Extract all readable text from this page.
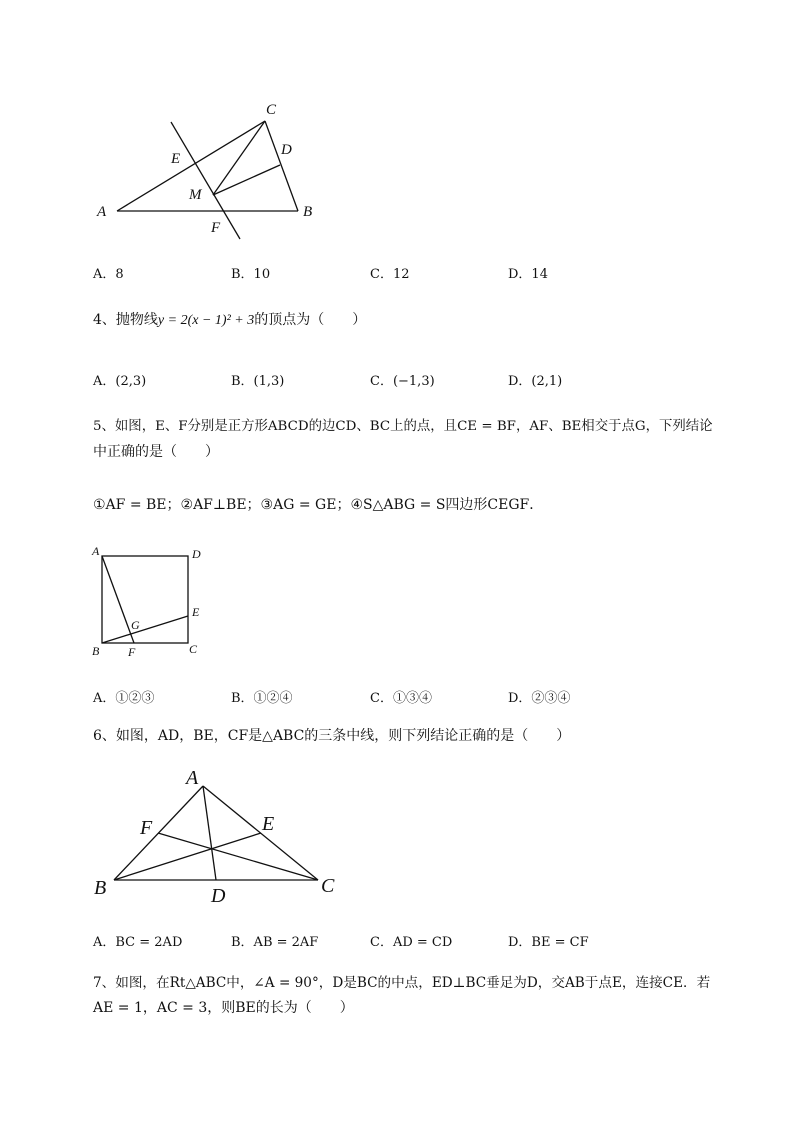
A	B
C
D
E
F
M
A．8	B．10	C．12	D．14
4、抛物线y = 2(x − 1)² + 3的顶点为（　　）
A．(2,3)	B．(1,3)	C．(−1,3)	D．(2,1)
5、如图，E、F分别是正方形ABCD的边CD、BC上的点，且CE = BF，AF、BE相交于点G，下列结论
中正确的是（　　）
①AF = BE；②AF⊥BE；③AG = GE；④S△ABG = S四边形CEGF．
A	D
B	C
E
F
G
A．①②③	B．①②④	C．①③④	D．②③④
6、如图，AD，BE，CF是△ABC的三条中线，则下列结论正确的是（　　）
A
B	C
D
E
F
A．BC = 2AD	B．AB = 2AF	C．AD = CD	D．BE = CF
7、如图，在Rt△ABC中，∠A = 90°，D是BC的中点，ED⊥BC垂足为D，交AB于点E，连接CE．若
AE = 1，AC = 3，则BE的长为（　　）
